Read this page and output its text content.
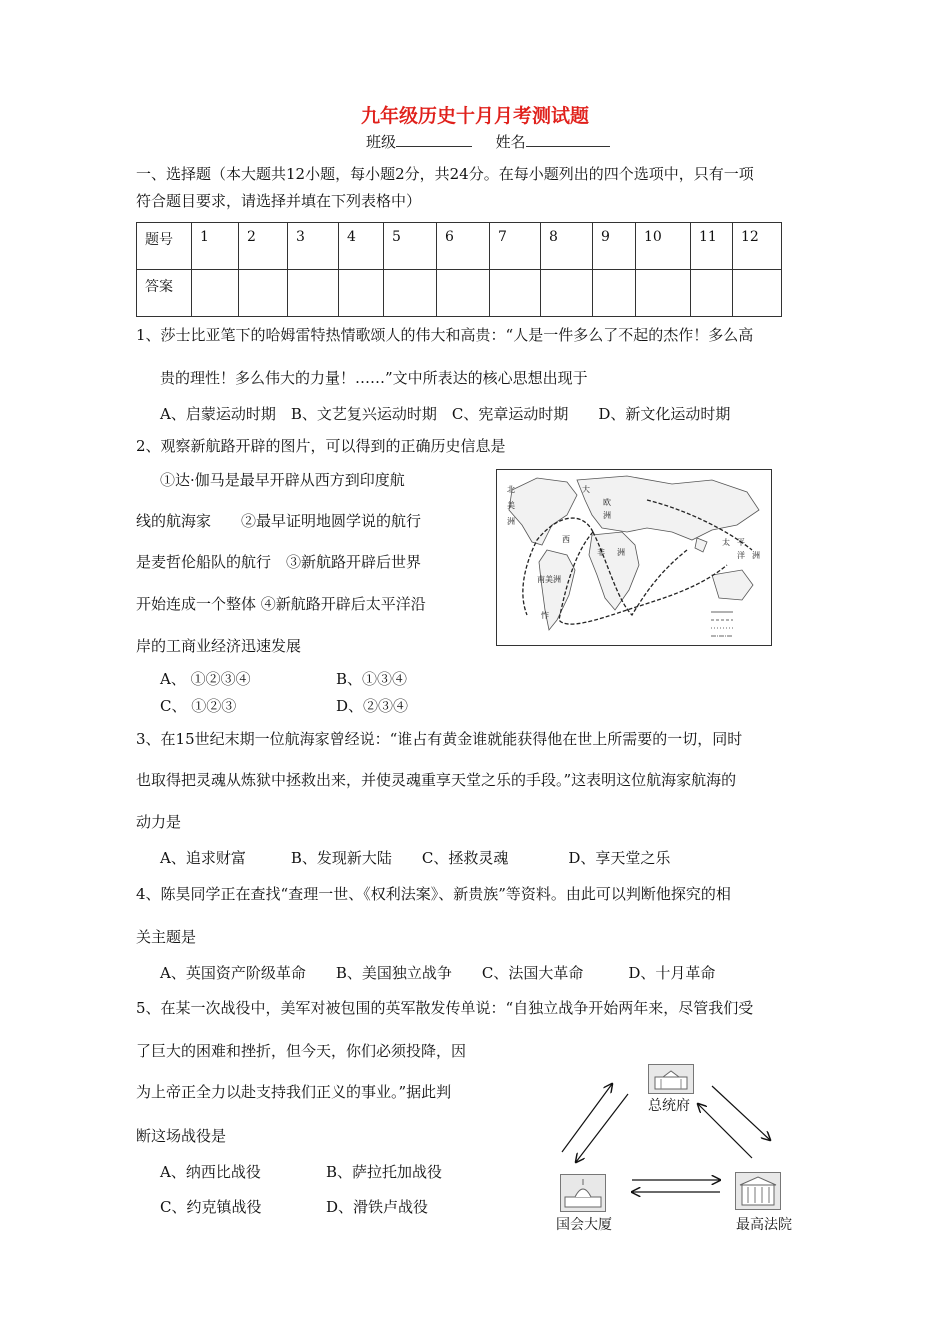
九年级历史十月月考测试题
班级	姓名
一、选择题（本大题共12小题，每小题2分，共24分。在每小题列出的四个选项中，只有一项
符合题目要求，请选择并填在下列表格中）
题号	1	2	3	4	5	6	7	8	9	10	11	12

答案												

1、莎士比亚笔下的哈姆雷特热情歌颂人的伟大和高贵：“人是一件多么了不起的杰作！多么高
贵的理性！多么伟大的力量！……”文中所表达的核心思想出现于
A、启蒙运动时期　B、文艺复兴运动时期　C、宪章运动时期　　D、新文化运动时期
2、观察新航路开辟的图片，可以得到的正确历史信息是
①达·伽马是最早开辟从西方到印度航
线的航海家　　②最早证明地圆学说的航行
是麦哲伦船队的航行　③新航路开辟后世界
开始连成一个整体 ④新航路开辟后太平洋沿
岸的工商业经济迅速发展
A、 ①②③④	B、①③④
C、 ①②③	D、②③④
北
美
洲
大
欧
洲
西
非 洲
南美洲
太 平
洋 洲
怍
3、在15世纪末期一位航海家曾经说：“谁占有黄金谁就能获得他在世上所需要的一切，同时
也取得把灵魂从炼狱中拯救出来，并使灵魂重享天堂之乐的手段。”这表明这位航海家航海的
动力是
A、追求财富　　　B、发现新大陆　　C、拯救灵魂　　　　D、享天堂之乐
4、陈昊同学正在查找“查理一世、《权利法案》、新贵族”等资料。由此可以判断他探究的相
关主题是
A、英国资产阶级革命　　B、美国独立战争　　C、法国大革命　　　D、十月革命
5、在某一次战役中，美军对被包围的英军散发传单说：“自独立战争开始两年来，尽管我们受
了巨大的困难和挫折，但今天，你们必须投降，因
为上帝正全力以赴支持我们正义的事业。”据此判
断这场战役是
A、纳西比战役	B、萨拉托加战役
C、约克镇战役	D、滑铁卢战役
总统府
国会大厦	最高法院
